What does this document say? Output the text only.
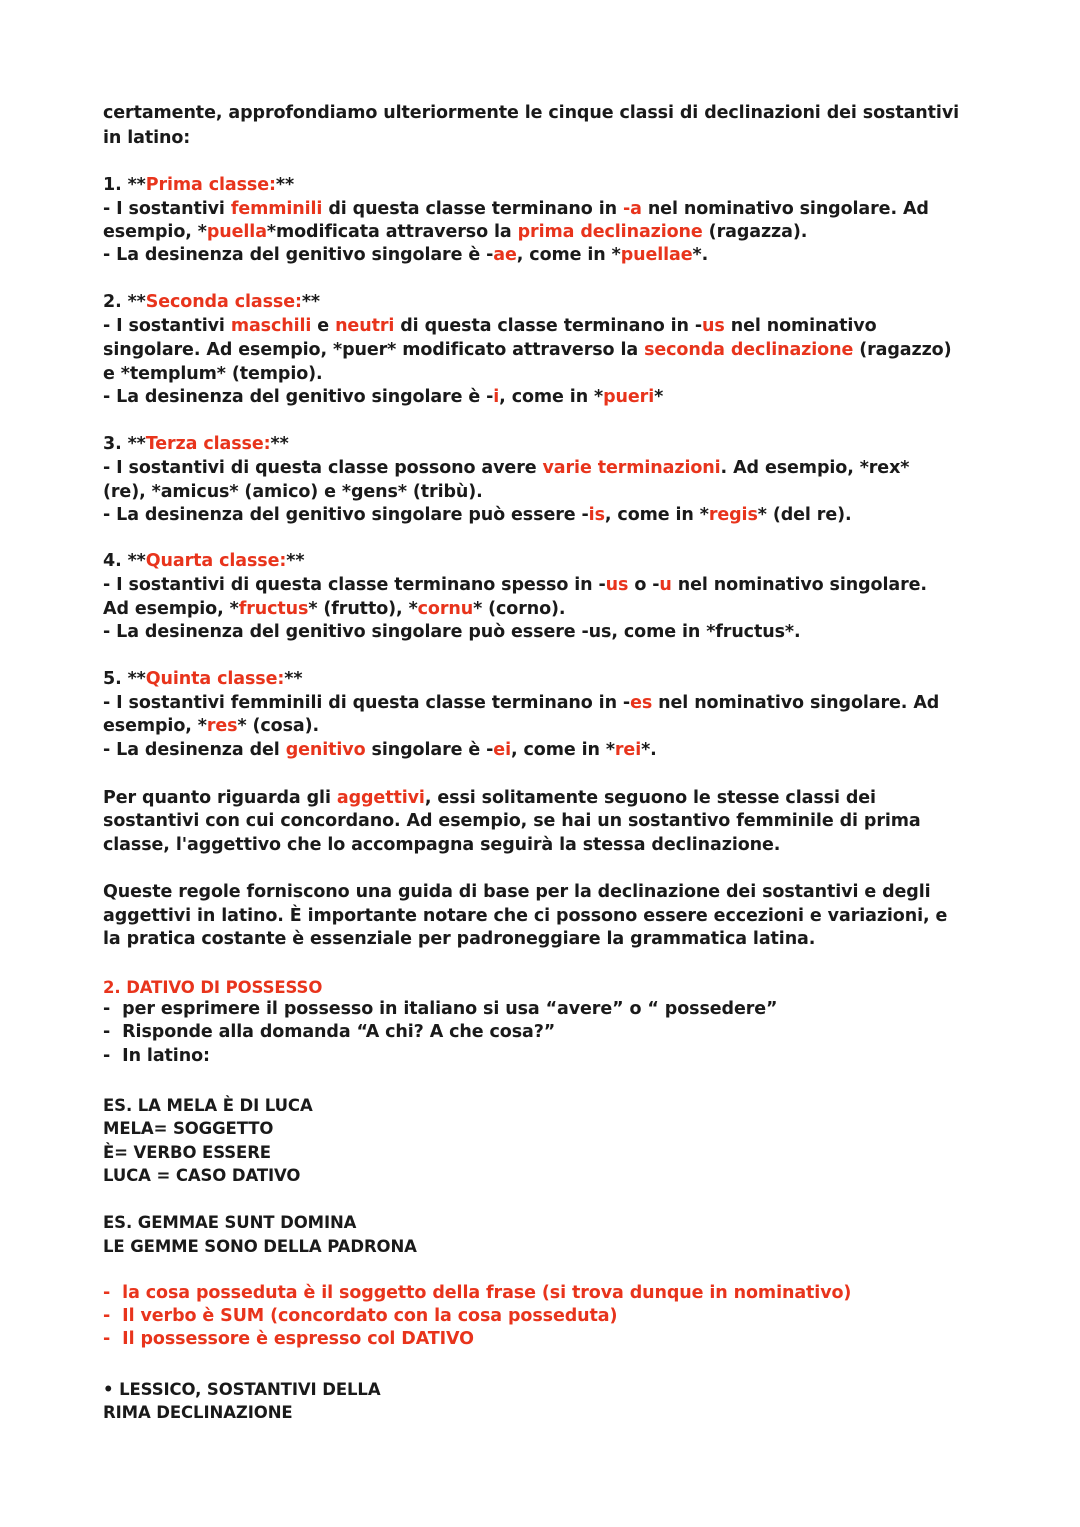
certamente, approfondiamo ulteriormente le cinque classi di declinazioni dei sostantivi
in latino:
1. **Prima classe:**
- I sostantivi femminili di questa classe terminano in -a nel nominativo singolare. Ad
esempio, *puella*modificata attraverso la prima declinazione (ragazza).
- La desinenza del genitivo singolare è -ae, come in *puellae*.
2. **Seconda classe:**
- I sostantivi maschili e neutri di questa classe terminano in -us nel nominativo
singolare. Ad esempio, *puer* modificato attraverso la seconda declinazione (ragazzo)
e *templum* (tempio).
- La desinenza del genitivo singolare è -i, come in *pueri*
3. **Terza classe:**
- I sostantivi di questa classe possono avere varie terminazioni. Ad esempio, *rex*
(re), *amicus* (amico) e *gens* (tribù).
- La desinenza del genitivo singolare può essere -is, come in *regis* (del re).
4. **Quarta classe:**
- I sostantivi di questa classe terminano spesso in -us o -u nel nominativo singolare.
Ad esempio, *fructus* (frutto), *cornu* (corno).
- La desinenza del genitivo singolare può essere -us, come in *fructus*.
5. **Quinta classe:**
- I sostantivi femminili di questa classe terminano in -es nel nominativo singolare. Ad
esempio, *res* (cosa).
- La desinenza del genitivo singolare è -ei, come in *rei*.
Per quanto riguarda gli aggettivi, essi solitamente seguono le stesse classi dei
sostantivi con cui concordano. Ad esempio, se hai un sostantivo femminile di prima
classe, l'aggettivo che lo accompagna seguirà la stessa declinazione.
Queste regole forniscono una guida di base per la declinazione dei sostantivi e degli
aggettivi in latino. È importante notare che ci possono essere eccezioni e variazioni, e
la pratica costante è essenziale per padroneggiare la grammatica latina.
2. DATIVO DI POSSESSO
- per esprimere il possesso in italiano si usa “avere” o “ possedere”
- Risponde alla domanda “A chi? A che cosa?”
- In latino:
ES. LA MELA È DI LUCA
MELA= SOGGETTO
È= VERBO ESSERE
LUCA = CASO DATIVO
ES. GEMMAE SUNT DOMINA
LE GEMME SONO DELLA PADRONA
- la cosa posseduta è il soggetto della frase (si trova dunque in nominativo)
- Il verbo è SUM (concordato con la cosa posseduta)
- Il possessore è espresso col DATIVO
• LESSICO, SOSTANTIVI DELLA
RIMA DECLINAZIONE
